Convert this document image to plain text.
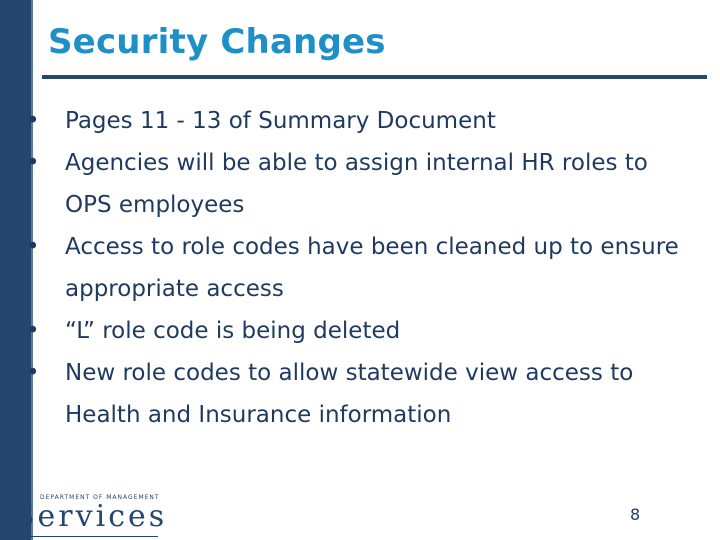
Security Changes
• Pages 11 - 13 of Summary Document
• Agencies will be able to assign internal HR roles to OPS employees
• Access to role codes have been cleaned up to ensure appropriate access
• “L” role code is being deleted
• New role codes to allow statewide view access to Health and Insurance information
DEPARTMENT OF MANAGEMENT
Services	8
